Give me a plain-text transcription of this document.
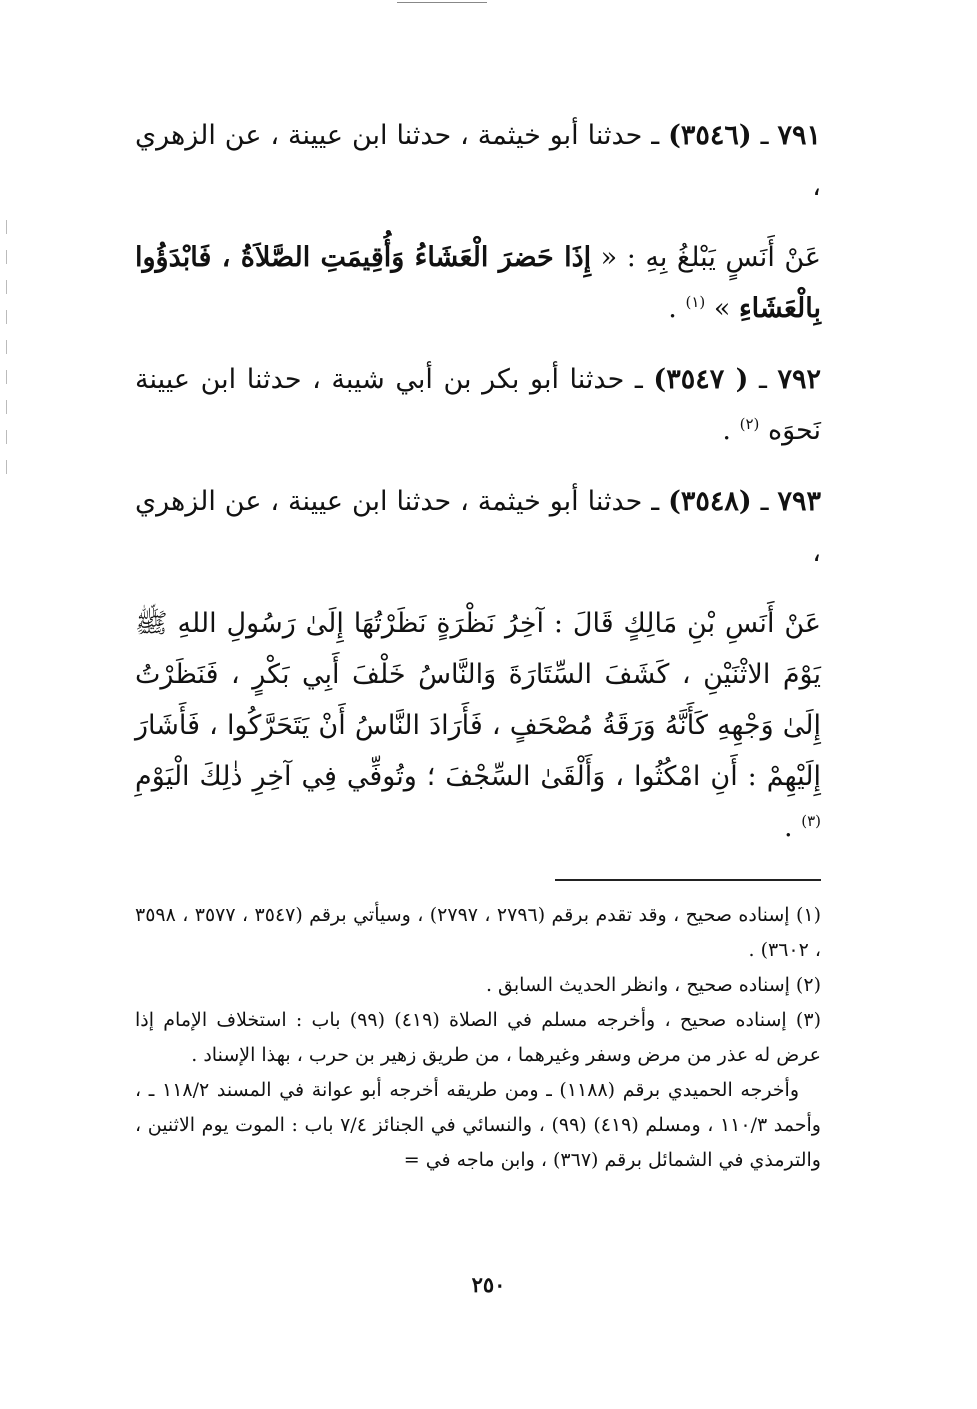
٧٩١ ـ (٣٥٤٦) ـ حدثنا أبو خيثمة ، حدثنا ابن عيينة ، عن الزهري ،

عَنْ أَنَسٍ يَبْلغُ بِهِ : « إِذَا حَضرَ الْعَشَاءُ وَأُقِيمَتِ الصَّلاَةُ ، فَابْدَؤُوا بِالْعَشَاءِ » $^{(١)}$ .

٧٩٢ ـ ( ٣٥٤٧) ـ حدثنا أبو بكر بن أبي شيبة ، حدثنا ابن عيينة نَحوَه $^{(٢)}$ .

٧٩٣ ـ (٣٥٤٨) ـ حدثنا أبو خيثمة ، حدثنا ابن عيينة ، عن الزهري ،

عَنْ أَنَسِ بْنِ مَالِكٍ قَالَ : آخِرُ نَظْرَةٍ نَظَرْتُهَا إِلَىٰ رَسُولِ اللهِ ﷺ يَوْمَ الاثْنَيْنِ ، كَشَفَ السِّتَارَةَ وَالنَّاسُ خَلْفَ أَبِي بَكْرٍ ، فَنَظَرْتُ إِلَىٰ وَجْهِهِ كَأَنَّهُ وَرَقَةُ مُصْحَفٍ ، فَأَرَادَ النَّاسُ أَنْ يَتَحَرَّكُوا ، فَأَشَارَ إِلَيْهِمْ : أَنِ امْكُثُوا ، وَأَلْقَىٰ السِّجْفَ ؛ وتُوفِّي فِي آخِرِ ذٰلِكَ الْيَوْمِ $^{(٣)}$ .

(١) إسناده صحيح ، وقد تقدم برقم (٢٧٩٦ ، ٢٧٩٧) ، وسيأتي برقم (٣٥٤٧ ، ٣٥٧٧ ، ٣٥٩٨ ، ٣٦٠٢) .

(٢) إسناده صحيح ، وانظر الحديث السابق .

(٣) إسناده صحيح ، وأخرجه مسلم في الصلاة (٤١٩) (٩٩) باب : استخلاف الإمام إذا عرض له عذر من مرض وسفر وغيرهما ، من طريق زهير بن حرب ، بهذا الإسناد .

وأخرجه الحميدي برقم (١١٨٨) ـ ومن طريقه أخرجه أبو عوانة في المسند ١١٨/٢ ـ ، وأحمد ١١٠/٣ ، ومسلم (٤١٩) (٩٩) ، والنسائي في الجنائز ٧/٤ باب : الموت يوم الاثنين ، والترمذي في الشمائل برقم (٣٦٧) ، وابن ماجه في =

٢٥٠
